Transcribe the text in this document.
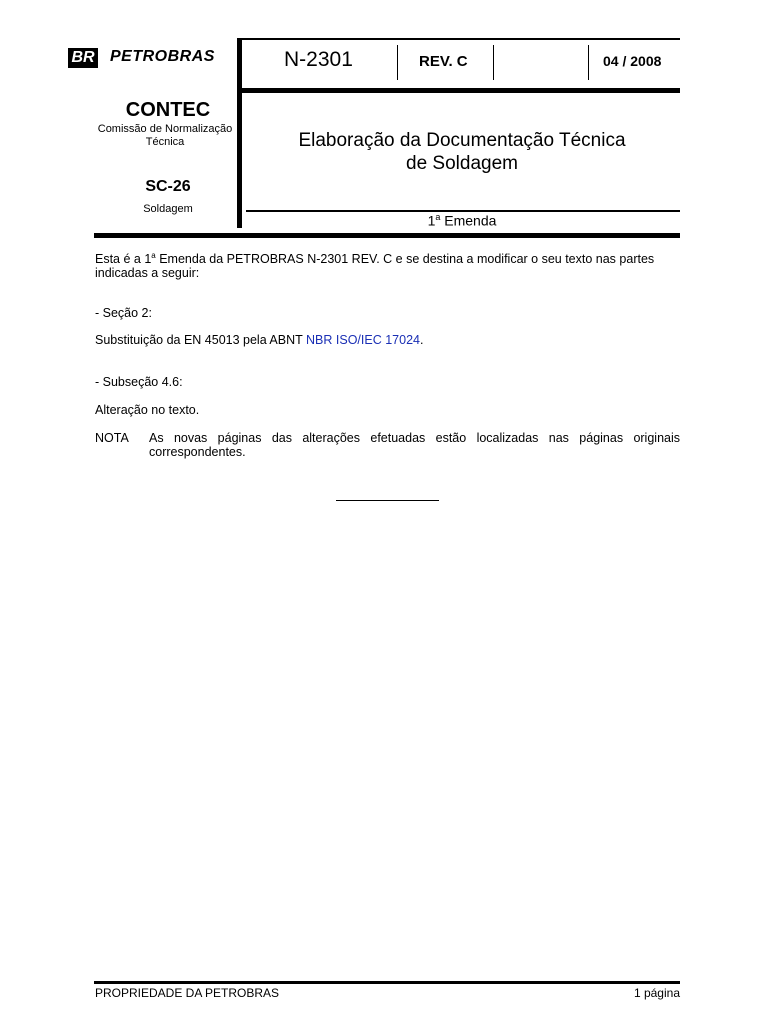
BR PETROBRAS	N-2301	REV. C	04 / 2008
CONTEC
Comissão de Normalização Técnica
SC-26
Soldagem
Elaboração da Documentação Técnica
de Soldagem
1$^a$ Emenda
Esta é a 1$^a$ Emenda da PETROBRAS N-2301 REV. C e se destina a modificar o seu texto nas partes indicadas a seguir:
- Seção 2:
Substituição da EN 45013 pela ABNT NBR ISO/IEC 17024.
- Subseção 4.6:
Alteração no texto.
NOTA As novas páginas das alterações efetuadas estão localizadas nas páginas originais correspondentes.
PROPRIEDADE DA PETROBRAS	1 página
